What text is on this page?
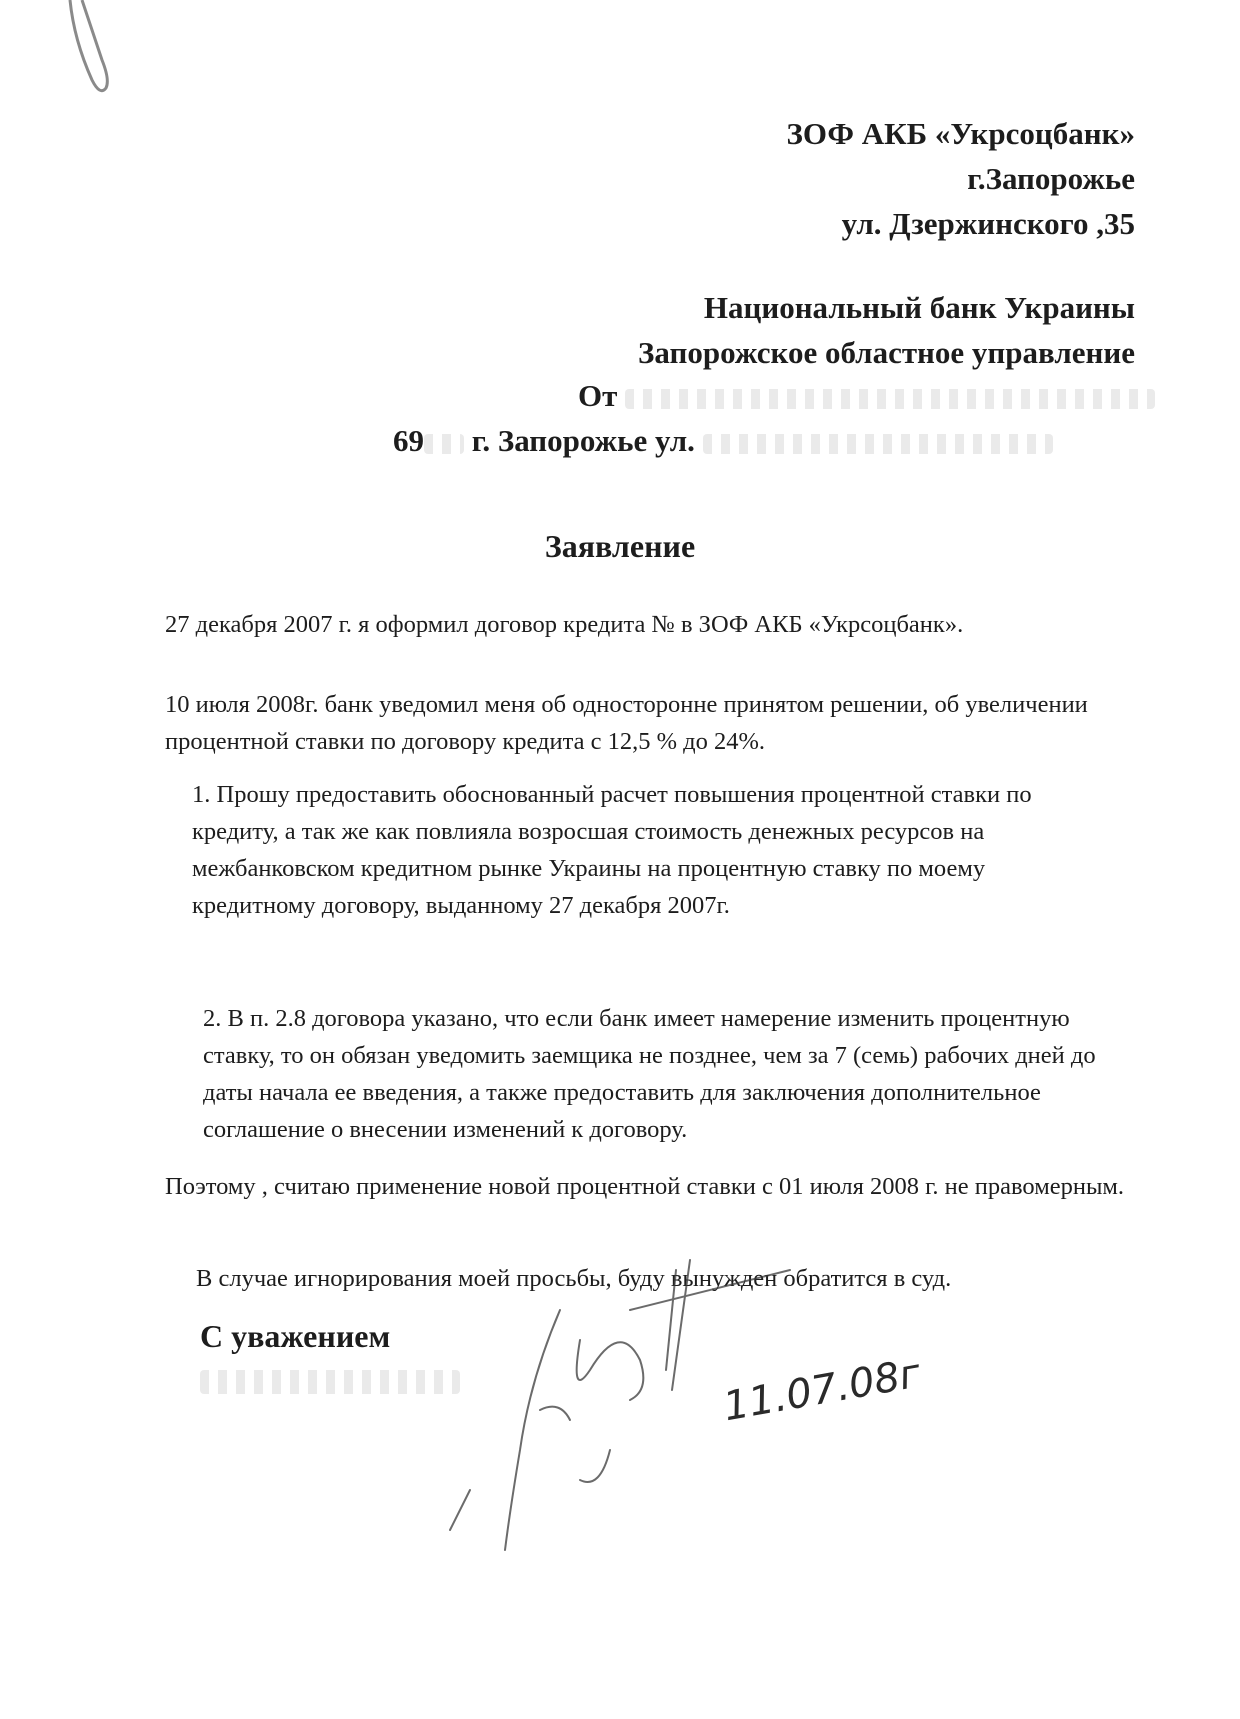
ЗОФ АКБ «Укрсоцбанк»
г.Запорожье
ул. Дзержинского ,35
Национальный банк Украины
Запорожское областное управление
От
69 г. Запорожье ул.
Заявление
27 декабря 2007 г. я оформил договор кредита № в ЗОФ АКБ «Укрсоцбанк».
10 июля 2008г. банк уведомил меня об односторонне принятом решении, об увеличении процентной ставки по договору кредита с 12,5 % до 24%.
1. Прошу предоставить обоснованный расчет повышения процентной ставки по кредиту, а так же как повлияла возросшая стоимость денежных ресурсов на межбанковском кредитном рынке Украины на процентную ставку по моему кредитному договору, выданному 27 декабря 2007г.
2. В п. 2.8 договора указано, что если банк имеет намерение изменить процентную ставку, то он обязан уведомить заемщика не позднее, чем за 7 (семь) рабочих дней до даты начала ее введения, а также предоставить для заключения дополнительное соглашение о внесении изменений к договору.
Поэтому , считаю применение новой процентной ставки с 01 июля 2008 г. не правомерным.
В случае игнорирования моей просьбы, буду вынужден обратится в суд.
С уважением
11.07.08г
